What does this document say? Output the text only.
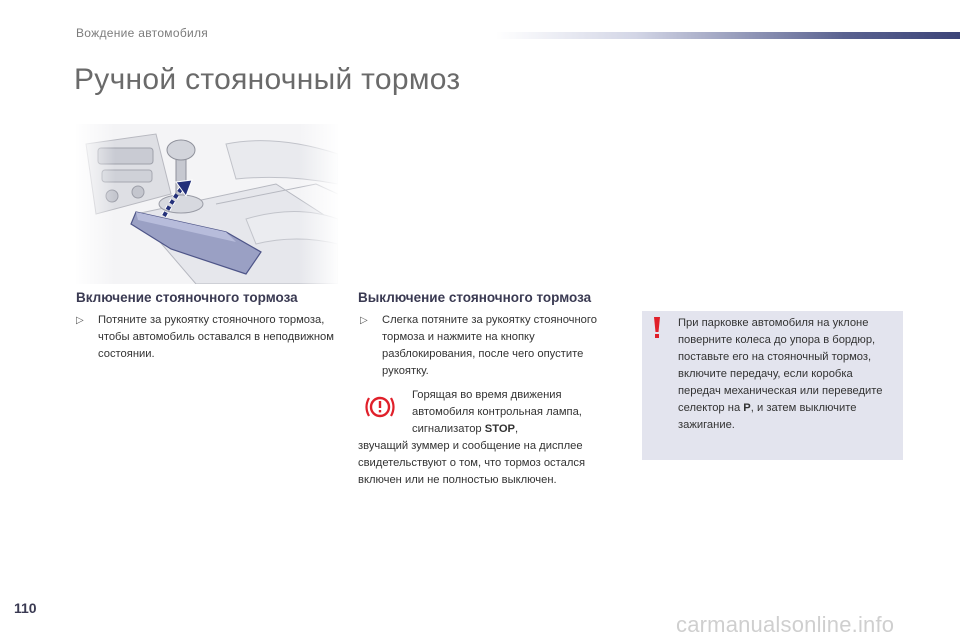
Вождение автомобиля
Ручной стояночный тормоз
Включение стояночного тормоза
▷ Потяните за рукоятку стояночного тормоза, чтобы автомобиль оставался в неподвижном состоянии.
Выключение стояночного тормоза
▷ Слегка потяните за рукоятку стояночного тормоза и нажмите на кнопку разблокирования, после чего опустите рукоятку.
Горящая во время движения автомобиля контрольная лампа, сигнализатор STOP,
звучащий зуммер и сообщение на дисплее свидетельствуют о том, что тормоз остался включен или не полностью выключен.
При парковке автомобиля на уклоне поверните колеса до упора в бордюр, поставьте его на стояночный тормоз, включите передачу, если коробка передач механическая или переведите селектор на P, и затем выключите зажигание.
110
carmanualsonline.info
